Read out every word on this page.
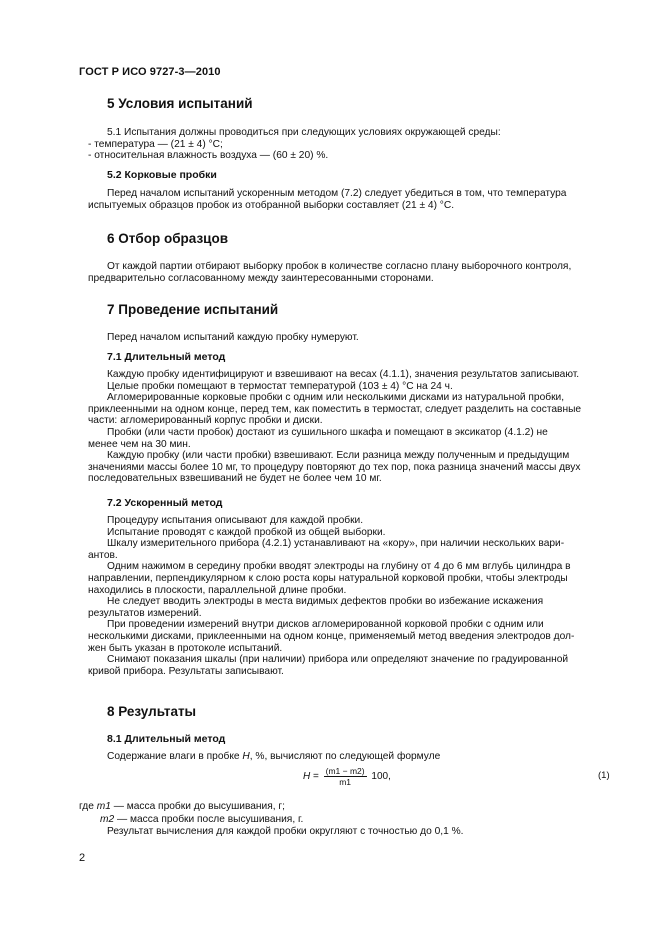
ГОСТ Р ИСО 9727-3—2010
5 Условия испытаний
5.1 Испытания должны проводиться при следующих условиях окружающей среды:
- температура — (21 ± 4) °С;
- относительная влажность воздуха — (60 ± 20) %.
5.2 Корковые пробки
Перед началом испытаний ускоренным методом (7.2) следует убедиться в том, что температура
испытуемых образцов пробок из отобранной выборки составляет (21 ± 4) °С.
6 Отбор образцов
От каждой партии отбирают выборку пробок в количестве согласно плану выборочного контроля,
предварительно согласованному между заинтересованными сторонами.
7 Проведение испытаний
Перед началом испытаний каждую пробку нумеруют.
7.1 Длительный метод
Каждую пробку идентифицируют и взвешивают на весах (4.1.1), значения результатов записывают.
Целые пробки помещают в термостат температурой (103 ± 4) °С на 24 ч.
Агломерированные корковые пробки с одним или несколькими дисками из натуральной пробки,
приклеенными на одном конце, перед тем, как поместить в термостат, следует разделить на составные
части: агломерированный корпус пробки и диски.
Пробки (или части пробок) достают из сушильного шкафа и помещают в эксикатор (4.1.2) не
менее чем на 30 мин.
Каждую пробку (или части пробки) взвешивают. Если разница между полученным и предыдущим
значениями массы более 10 мг, то процедуру повторяют до тех пор, пока разница значений массы двух
последовательных взвешиваний не будет не более чем 10 мг.
7.2 Ускоренный метод
Процедуру испытания описывают для каждой пробки.
Испытание проводят с каждой пробкой из общей выборки.
Шкалу измерительного прибора (4.2.1) устанавливают на «кору», при наличии нескольких вари-
антов.
Одним нажимом в середину пробки вводят электроды на глубину от 4 до 6 мм вглубь цилиндра в
направлении, перпендикулярном к слою роста коры натуральной корковой пробки, чтобы электроды
находились в плоскости, параллельной длине пробки.
Не следует вводить электроды в места видимых дефектов пробки во избежание искажения
результатов измерений.
При проведении измерений внутри дисков агломерированной корковой пробки с одним или
несколькими дисками, приклеенными на одном конце, применяемый метод введения электродов дол-
жен быть указан в протоколе испытаний.
Снимают показания шкалы (при наличии) прибора или определяют значение по градуированной
кривой прибора. Результаты записывают.
8 Результаты
8.1 Длительный метод
Содержание влаги в пробке H, %, вычисляют по следующей формуле
$H = \frac{(m1 - m2)}{m1} 100$,	(1)
где m1 — масса пробки до высушивания, г;
m2 — масса пробки после высушивания, г.
Результат вычисления для каждой пробки округляют с точностью до 0,1 %.
2
